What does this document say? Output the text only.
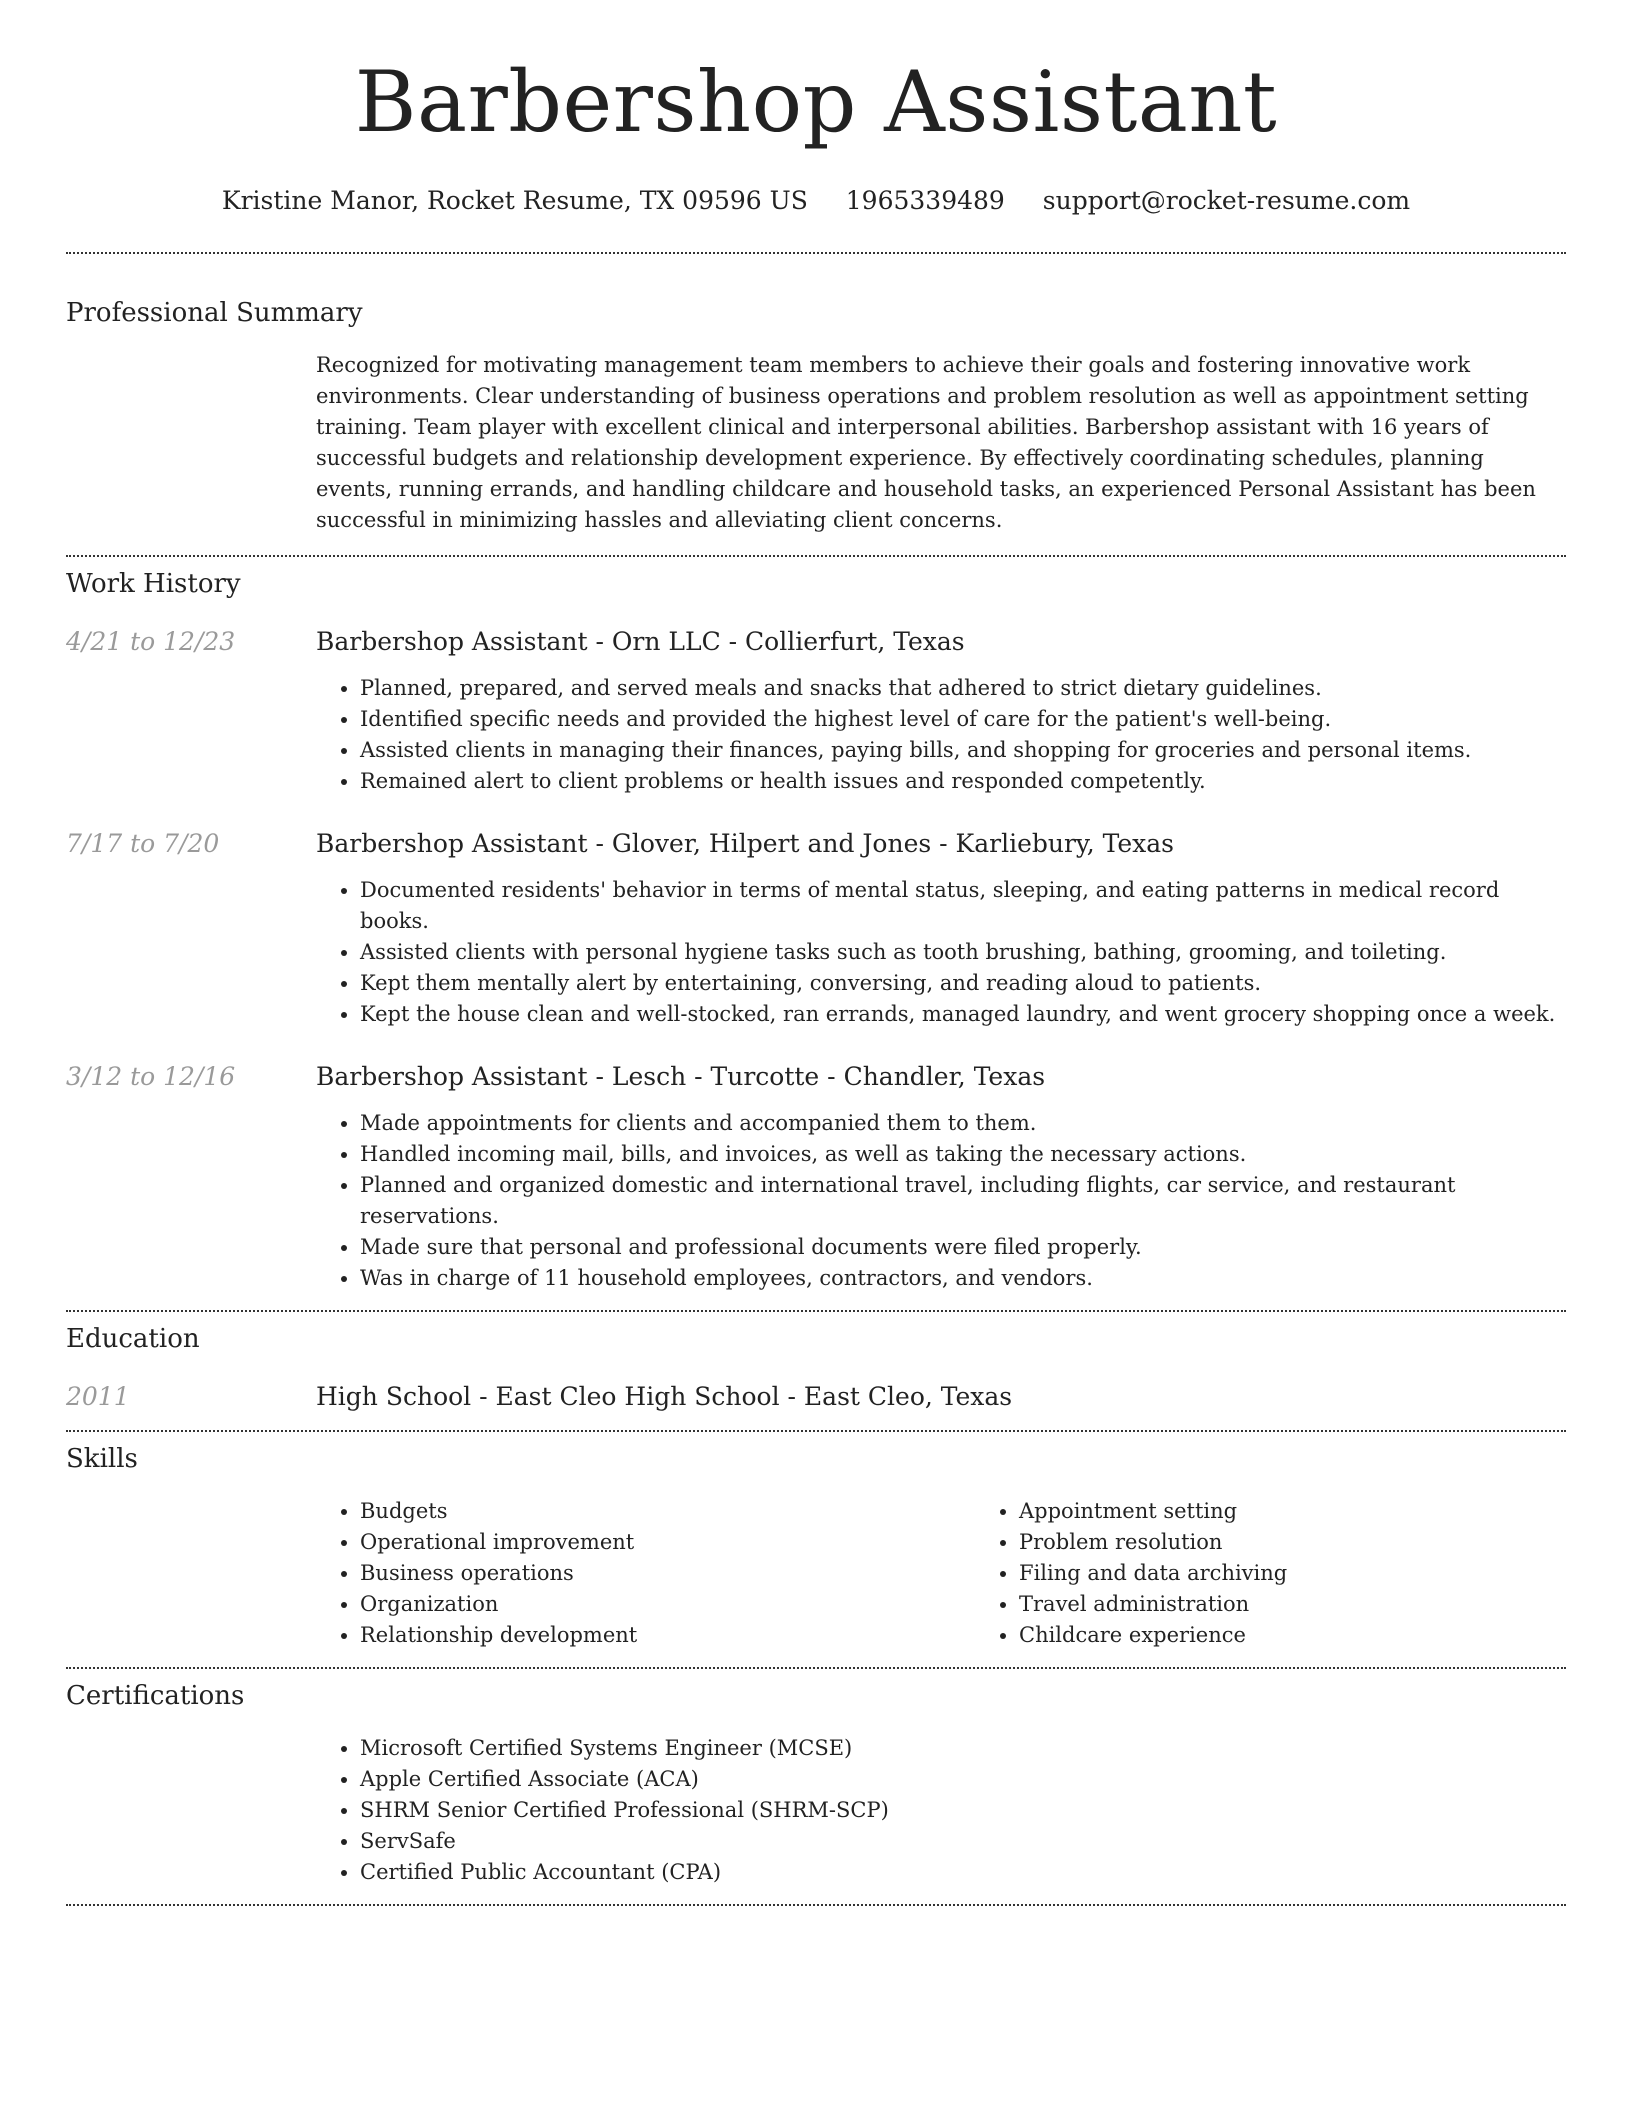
Barbershop Assistant
Kristine Manor, Rocket Resume, TX 09596 US 1965339489 support@rocket-resume.com
Professional Summary

Recognized for motivating management team members to achieve their goals and fostering innovative work environments. Clear understanding of business operations and problem resolution as well as appointment setting training. Team player with excellent clinical and interpersonal abilities. Barbershop assistant with 16 years of successful budgets and relationship development experience. By effectively coordinating schedules, planning events, running errands, and handling childcare and household tasks, an experienced Personal Assistant has been successful in minimizing hassles and alleviating client concerns.

Work History
4/21 to 12/23	Barbershop Assistant - Orn LLC - Collierfurt, Texas
• Planned, prepared, and served meals and snacks that adhered to strict dietary guidelines.
• Identified specific needs and provided the highest level of care for the patient's well-being.
• Assisted clients in managing their finances, paying bills, and shopping for groceries and personal items.
• Remained alert to client problems or health issues and responded competently.
7/17 to 7/20	Barbershop Assistant - Glover, Hilpert and Jones - Karliebury, Texas
• Documented residents' behavior in terms of mental status, sleeping, and eating patterns in medical record books.
• Assisted clients with personal hygiene tasks such as tooth brushing, bathing, grooming, and toileting.
• Kept them mentally alert by entertaining, conversing, and reading aloud to patients.
• Kept the house clean and well-stocked, ran errands, managed laundry, and went grocery shopping once a week.
3/12 to 12/16	Barbershop Assistant - Lesch - Turcotte - Chandler, Texas
• Made appointments for clients and accompanied them to them.
• Handled incoming mail, bills, and invoices, as well as taking the necessary actions.
• Planned and organized domestic and international travel, including flights, car service, and restaurant reservations.
• Made sure that personal and professional documents were filed properly.
• Was in charge of 11 household employees, contractors, and vendors.
Education
2011	High School - East Cleo High School - East Cleo, Texas
Skills
• Budgets
• Operational improvement
• Business operations
• Organization
• Relationship development
• Appointment setting
• Problem resolution
• Filing and data archiving
• Travel administration
• Childcare experience
Certifications
• Microsoft Certified Systems Engineer (MCSE)
• Apple Certified Associate (ACA)
• SHRM Senior Certified Professional (SHRM-SCP)
• ServSafe
• Certified Public Accountant (CPA)
